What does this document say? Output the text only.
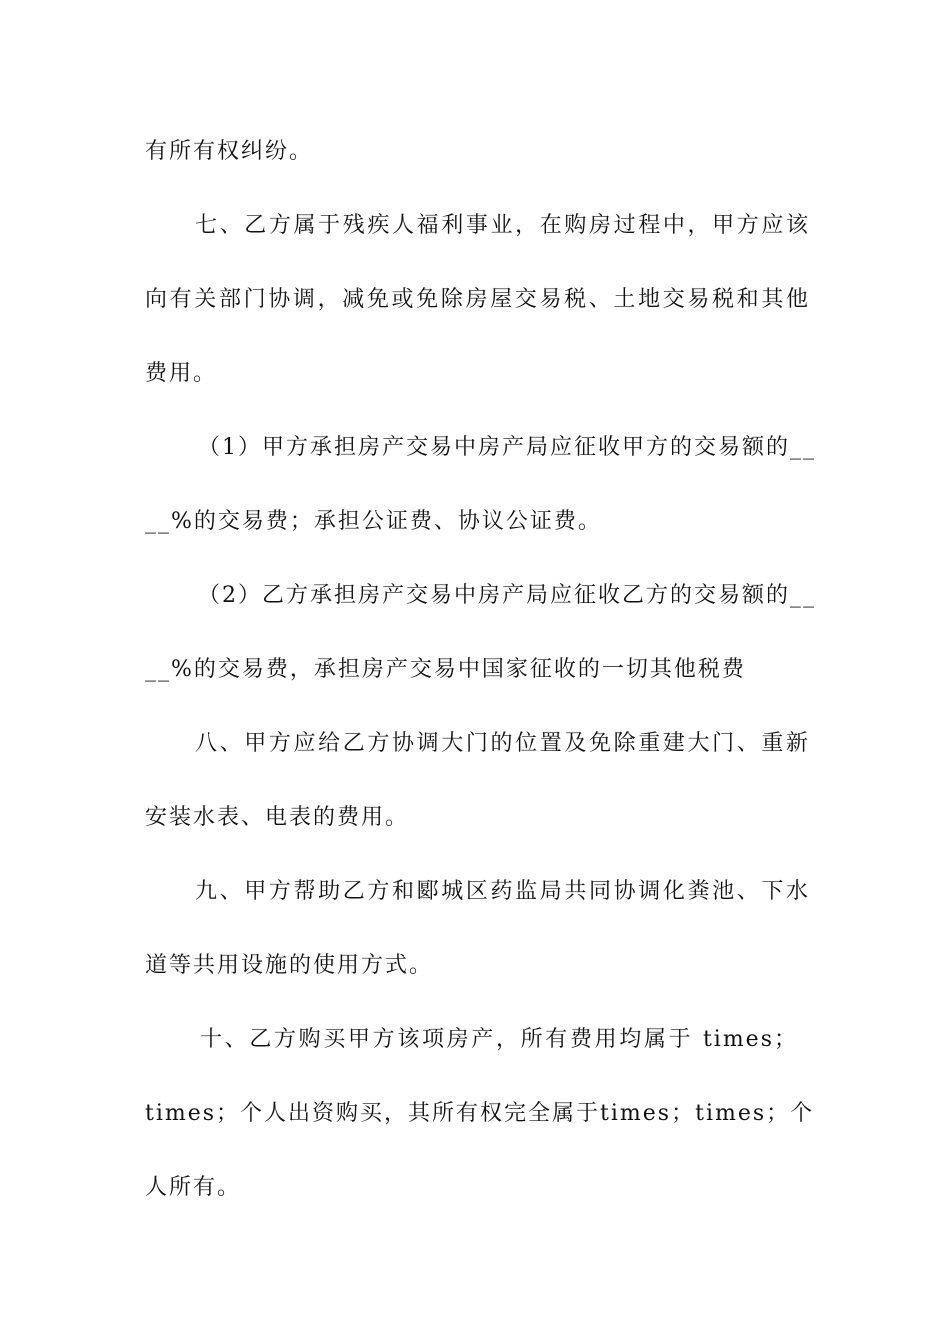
有所有权纠纷。
七、乙方属于残疾人福利事业，在购房过程中，甲方应该
向有关部门协调，减免或免除房屋交易税、土地交易税和其他
费用。
（1）甲方承担房产交易中房产局应征收甲方的交易额的__
__%的交易费；承担公证费、协议公证费。
（2）乙方承担房产交易中房产局应征收乙方的交易额的__
__%的交易费，承担房产交易中国家征收的一切其他税费
八、甲方应给乙方协调大门的位置及免除重建大门、重新
安装水表、电表的费用。
九、甲方帮助乙方和郾城区药监局共同协调化粪池、下水
道等共用设施的使用方式。
十、乙方购买甲方该项房产，所有费用均属于 times；
times；个人出资购买，其所有权完全属于times；times；个
人所有。
